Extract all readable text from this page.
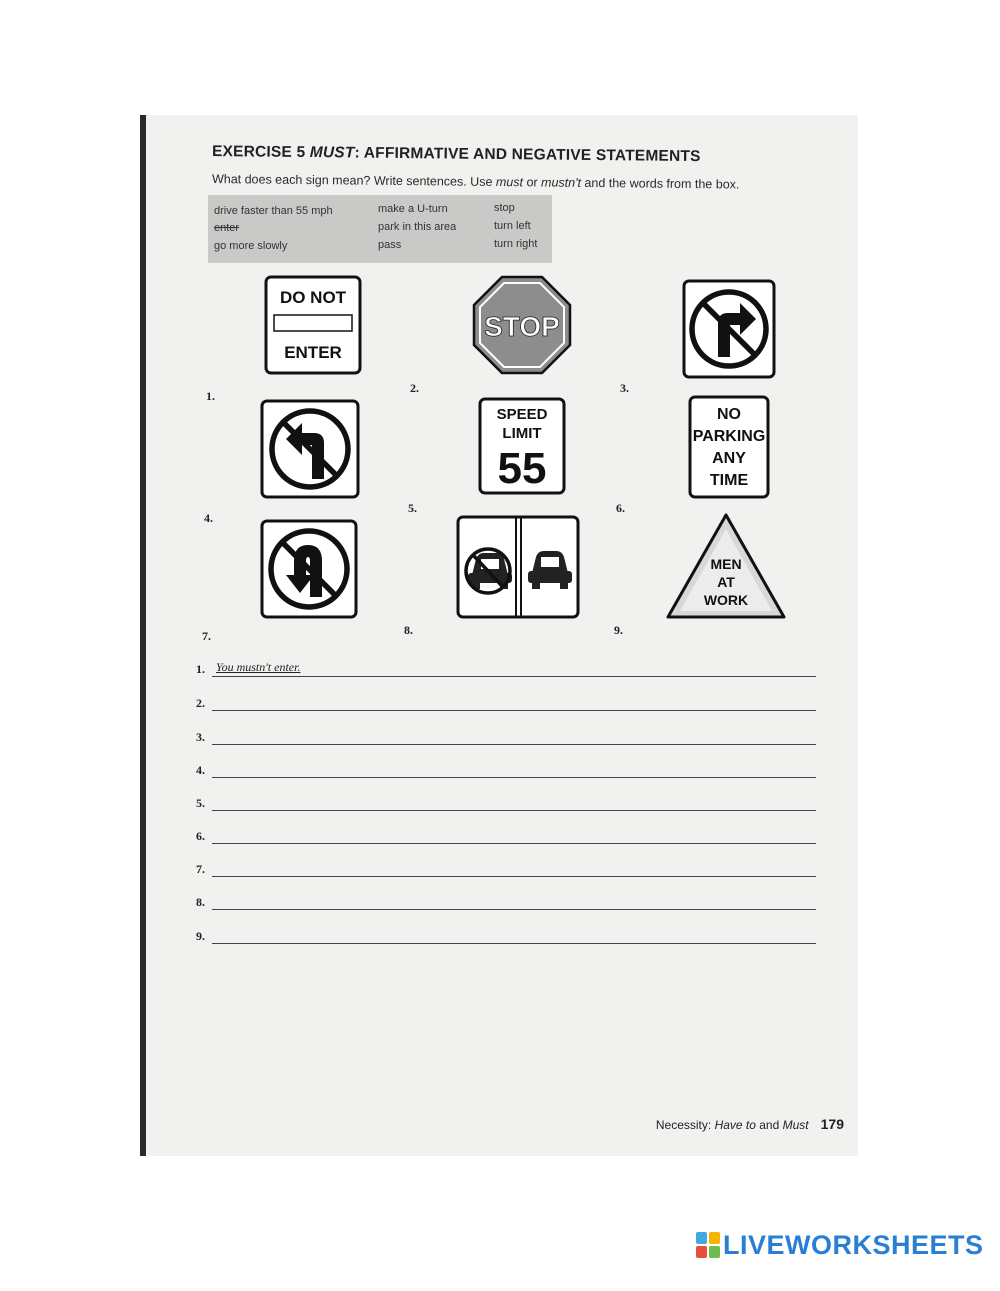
EXERCISE 5 MUST: AFFIRMATIVE AND NEGATIVE STATEMENTS
What does each sign mean? Write sentences. Use must or mustn't and the words from the box.
drive faster than 55 mph
enter
go more slowly
make a U-turn
park in this area
pass
stop
turn left
turn right
DO NOT
ENTER
STOP
SPEED
LIMIT
55
NO
PARKING
ANY
TIME
MEN
AT
WORK
1.
2.	3.
4.
5.	6.
7.	8.	9.
1. You mustn't enter.
2.
3.
4.
5.
6.
7.
8.
9.
Necessity: Have to and Must 179
LIVEWORKSHEETS
